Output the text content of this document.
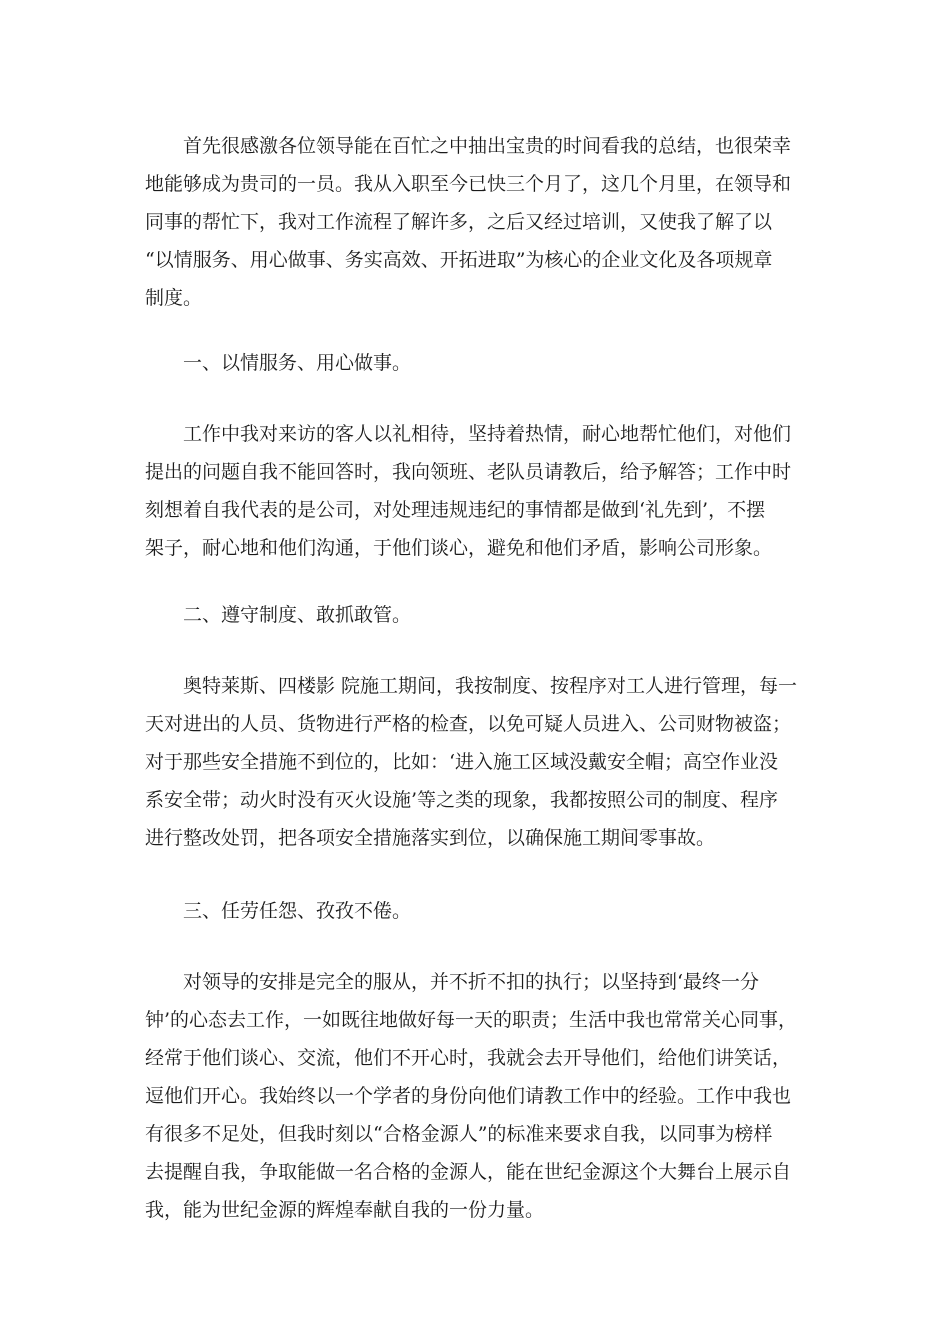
首先很感激各位领导能在百忙之中抽出宝贵的时间看我的总结，也很荣幸
地能够成为贵司的一员。我从入职至今已快三个月了，这几个月里，在领导和
同事的帮忙下，我对工作流程了解许多，之后又经过培训，又使我了解了以
“以情服务、用心做事、务实高效、开拓进取”为核心的企业文化及各项规章
制度。
一、以情服务、用心做事。
工作中我对来访的客人以礼相待，坚持着热情，耐心地帮忙他们，对他们
提出的问题自我不能回答时，我向领班、老队员请教后，给予解答；工作中时
刻想着自我代表的是公司，对处理违规违纪的事情都是做到‘礼先到’，不摆
架子，耐心地和他们沟通，于他们谈心，避免和他们矛盾，影响公司形象。
二、遵守制度、敢抓敢管。
奥特莱斯、四楼影 院施工期间，我按制度、按程序对工人进行管理，每一
天对进出的人员、货物进行严格的检查，以免可疑人员进入、公司财物被盗；
对于那些安全措施不到位的，比如：‘进入施工区域没戴安全帽；高空作业没
系安全带；动火时没有灭火设施’等之类的现象，我都按照公司的制度、程序
进行整改处罚，把各项安全措施落实到位，以确保施工期间零事故。
三、任劳任怨、孜孜不倦。
对领导的安排是完全的服从，并不折不扣的执行；以坚持到‘最终一分
钟’的心态去工作，一如既往地做好每一天的职责；生活中我也常常关心同事，
经常于他们谈心、交流，他们不开心时，我就会去开导他们，给他们讲笑话，
逗他们开心。我始终以一个学者的身份向他们请教工作中的经验。工作中我也
有很多不足处，但我时刻以“合格金源人”的标准来要求自我，以同事为榜样
去提醒自我，争取能做一名合格的金源人，能在世纪金源这个大舞台上展示自
我，能为世纪金源的辉煌奉献自我的一份力量。
